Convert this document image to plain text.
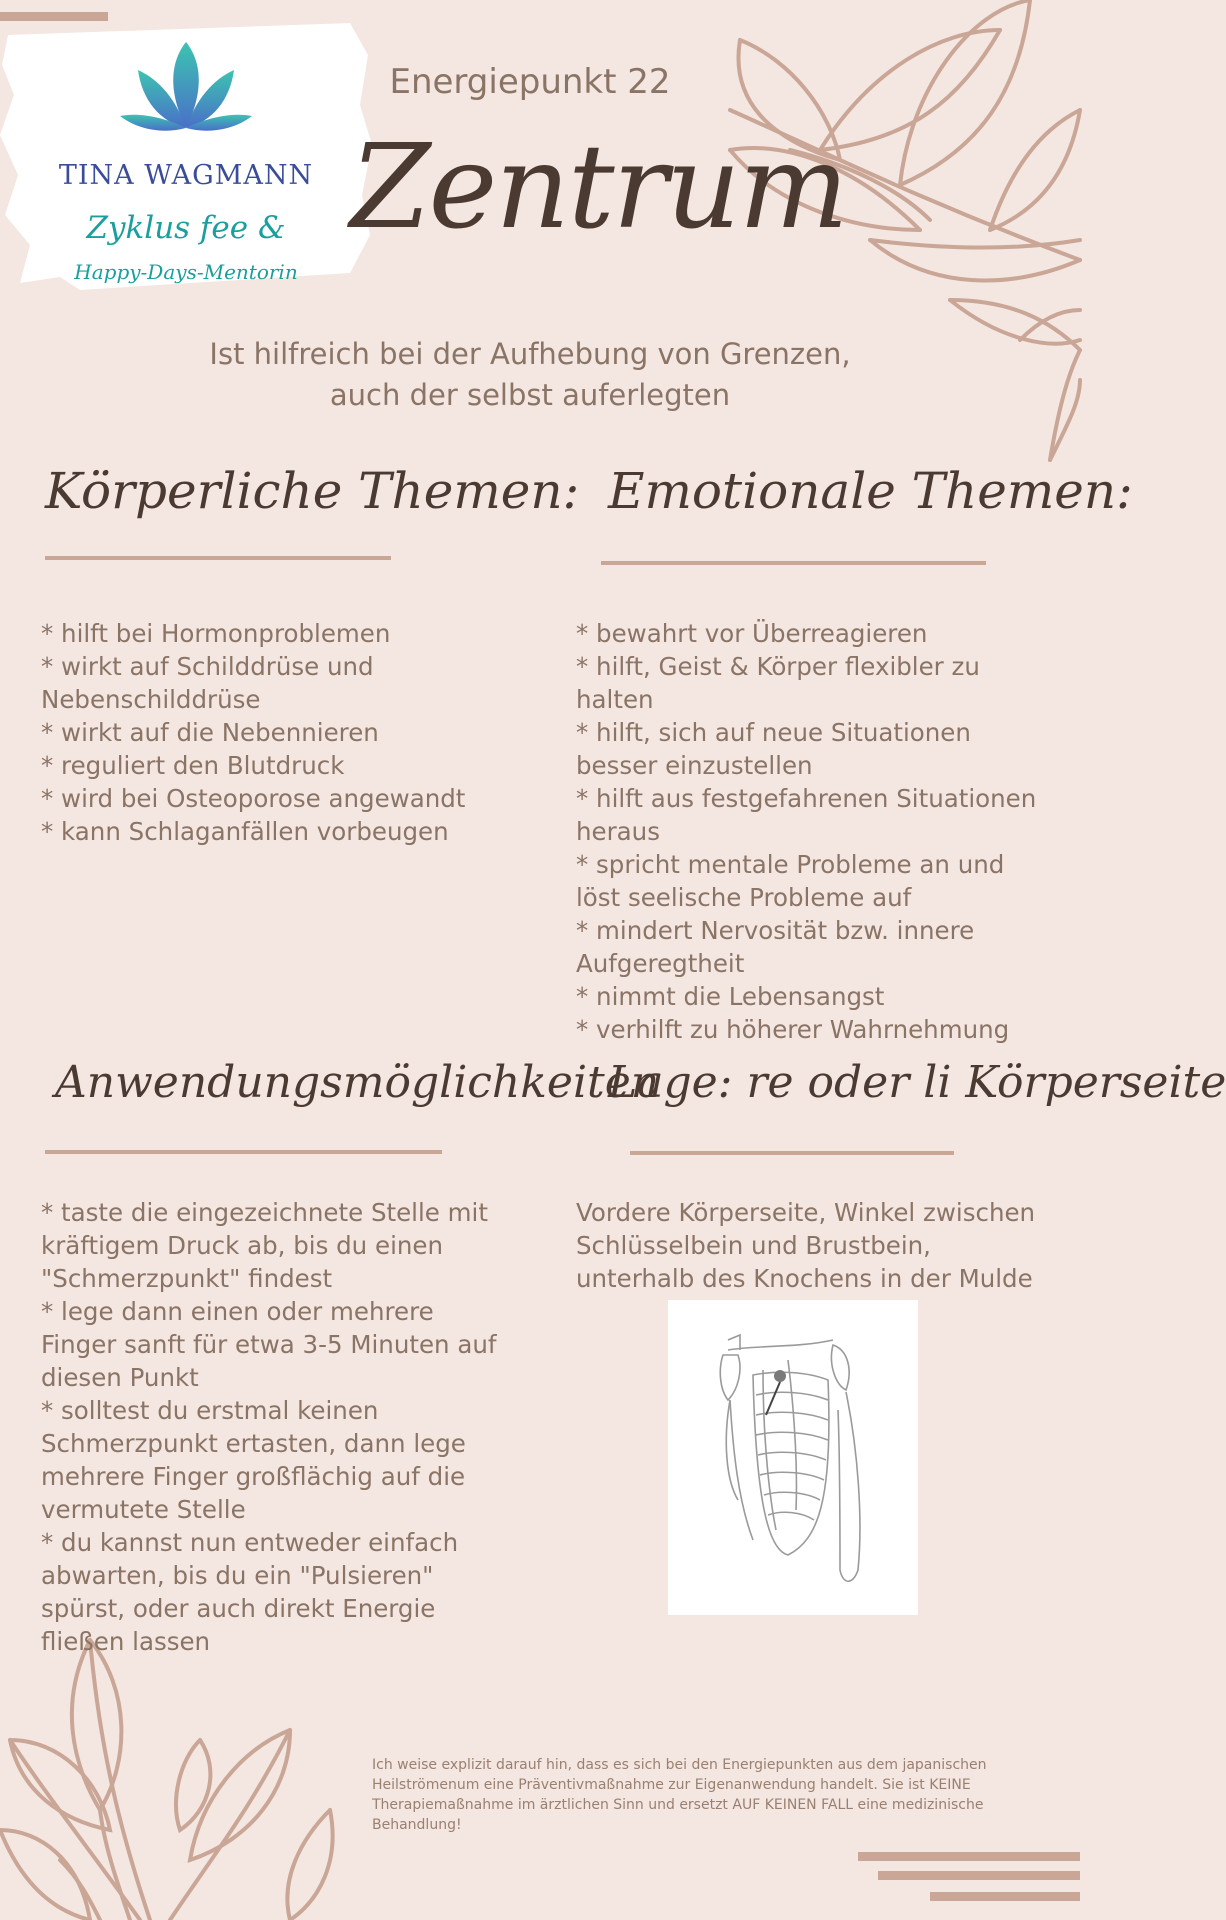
TINA WAGMANN
Zyklus fee &
Happy-Days-Mentorin
Energiepunkt 22
Zentrum
Ist hilfreich bei der Aufhebung von Grenzen,
auch der selbst auferlegten
Körperliche Themen:
* hilft bei Hormonproblemen
* wirkt auf Schilddrüse und Nebenschilddrüse
* wirkt auf die Nebennieren
* reguliert den Blutdruck
* wird bei Osteoporose angewandt
* kann Schlaganfällen vorbeugen
Emotionale Themen:
* bewahrt vor Überreagieren
* hilft, Geist & Körper flexibler zu halten
* hilft, sich auf neue Situationen besser einzustellen
* hilft aus festgefahrenen Situationen heraus
* spricht mentale Probleme an und löst seelische Probleme auf
* mindert Nervosität bzw. innere Aufgeregtheit
* nimmt die Lebensangst
* verhilft zu höherer Wahrnehmung
Anwendungsmöglichkeiten
* taste die eingezeichnete Stelle mit kräftigem Druck ab, bis du einen "Schmerzpunkt" findest
* lege dann einen oder mehrere Finger sanft für etwa 3-5 Minuten auf diesen Punkt
* solltest du erstmal keinen Schmerzpunkt ertasten, dann lege mehrere Finger großflächig auf die vermutete Stelle
* du kannst nun entweder einfach abwarten, bis du ein "Pulsieren" spürst, oder auch direkt Energie fließen lassen
Lage: re oder li Körperseite
Vordere Körperseite, Winkel zwischen Schlüsselbein und Brustbein, unterhalb des Knochens in der Mulde
Ich weise explizit darauf hin, dass es sich bei den Energiepunkten aus dem japanischen Heilströmenum eine Präventivmaßnahme zur Eigenanwendung handelt. Sie ist KEINE Therapiemaßnahme im ärztlichen Sinn und ersetzt AUF KEINEN FALL eine medizinische Behandlung!
